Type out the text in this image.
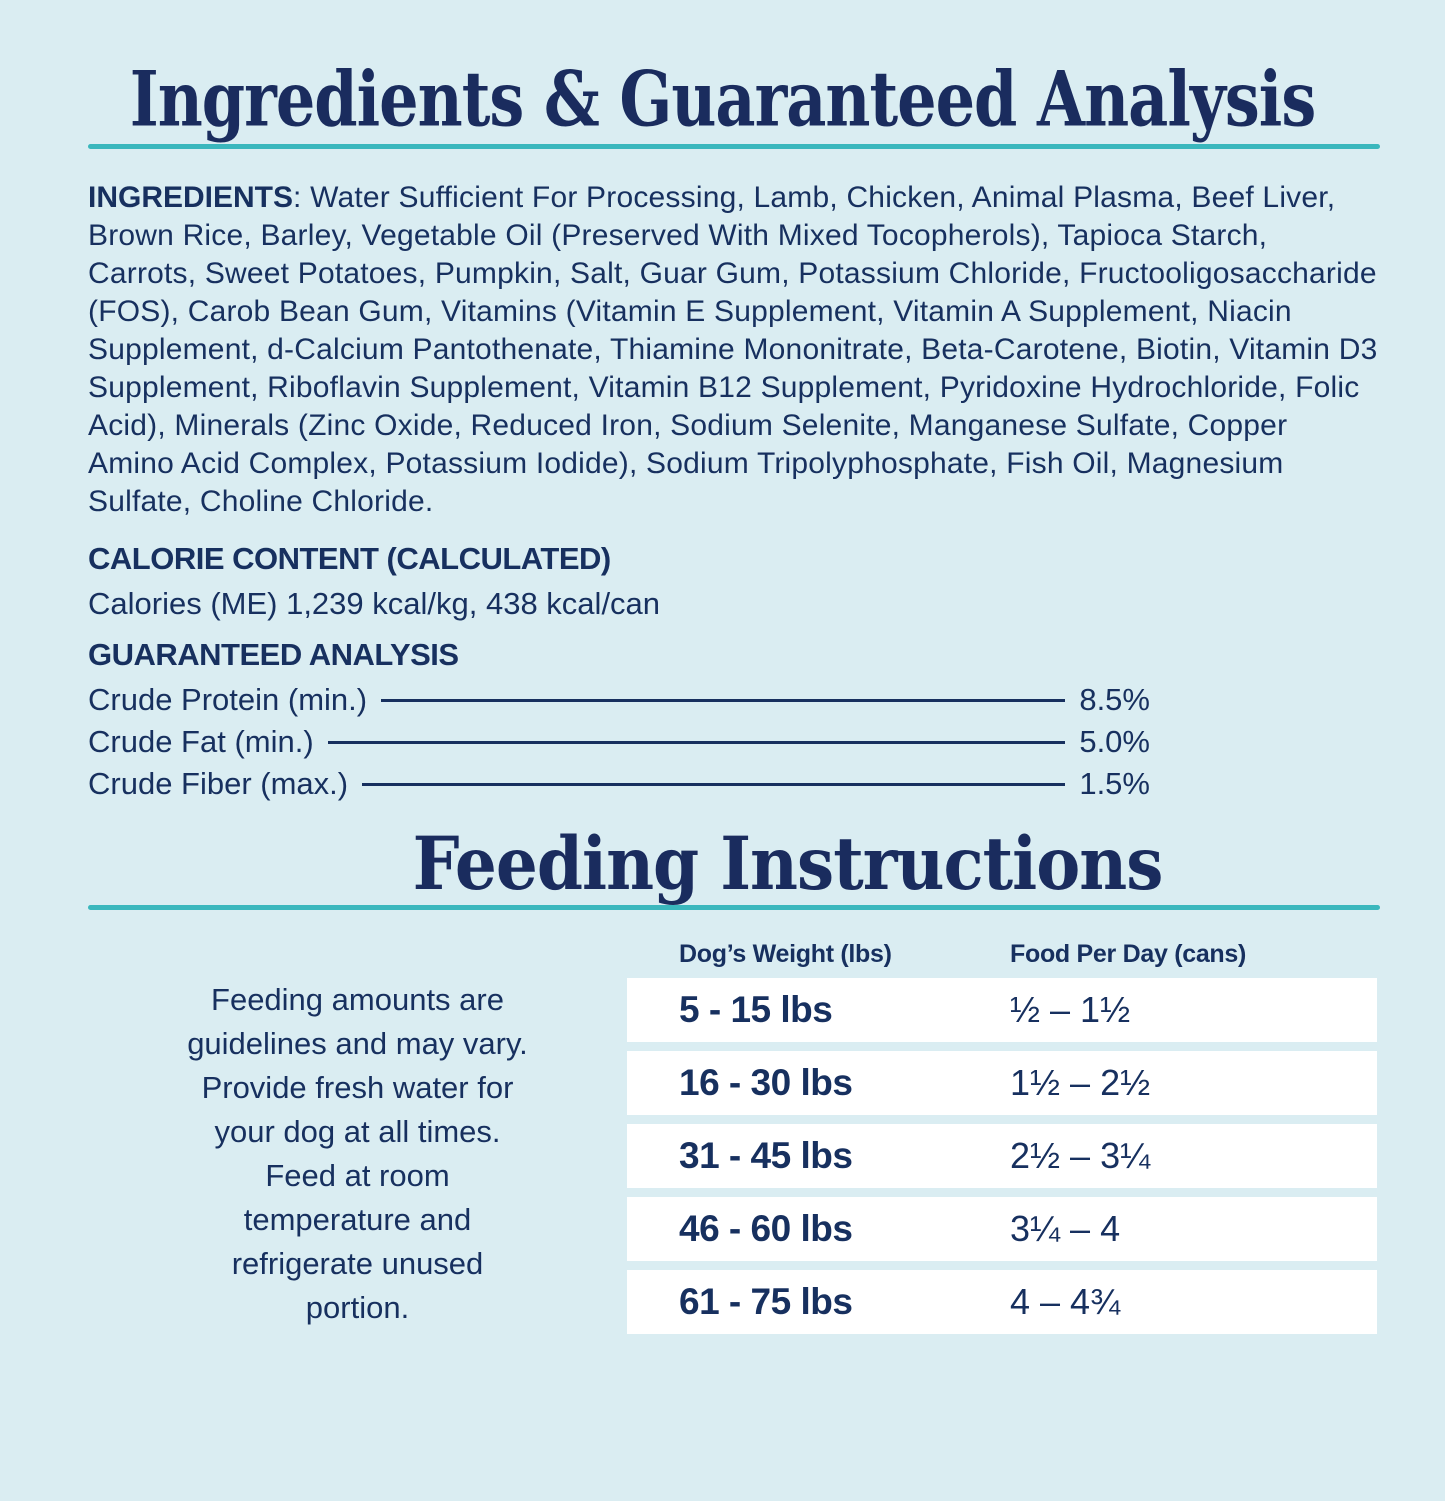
Ingredients & Guaranteed Analysis

INGREDIENTS: Water Sufficient For Processing, Lamb, Chicken, Animal Plasma, Beef Liver, Brown Rice, Barley, Vegetable Oil (Preserved With Mixed Tocopherols), Tapioca Starch, Carrots, Sweet Potatoes, Pumpkin, Salt, Guar Gum, Potassium Chloride, Fructooligosaccharide (FOS), Carob Bean Gum, Vitamins (Vitamin E Supplement, Vitamin A Supplement, Niacin Supplement, d-Calcium Pantothenate, Thiamine Mononitrate, Beta-Carotene, Biotin, Vitamin D3 Supplement, Riboflavin Supplement, Vitamin B12 Supplement, Pyridoxine Hydrochloride, Folic Acid), Minerals (Zinc Oxide, Reduced Iron, Sodium Selenite, Manganese Sulfate, Copper Amino Acid Complex, Potassium Iodide), Sodium Tripolyphosphate, Fish Oil, Magnesium Sulfate, Choline Chloride.

CALORIE CONTENT (CALCULATED)

Calories (ME) 1,239 kcal/kg, 438 kcal/can

GUARANTEED ANALYSIS
Crude Protein (min.)	8.5%
Crude Fat (min.)	5.0%
Crude Fiber (max.)	1.5%
Feeding Instructions
Feeding amounts are
guidelines and may vary.
Provide fresh water for
your dog at all times.
Feed at room
temperature and
refrigerate unused
portion.
Dog’s Weight (lbs)	Food Per Day (cans)
5 - 15 lbs	½ – 1½
16 - 30 lbs	1½ – 2½
31 - 45 lbs	2½ – 3¼
46 - 60 lbs	3¼ – 4
61 - 75 lbs	4 – 4¾
